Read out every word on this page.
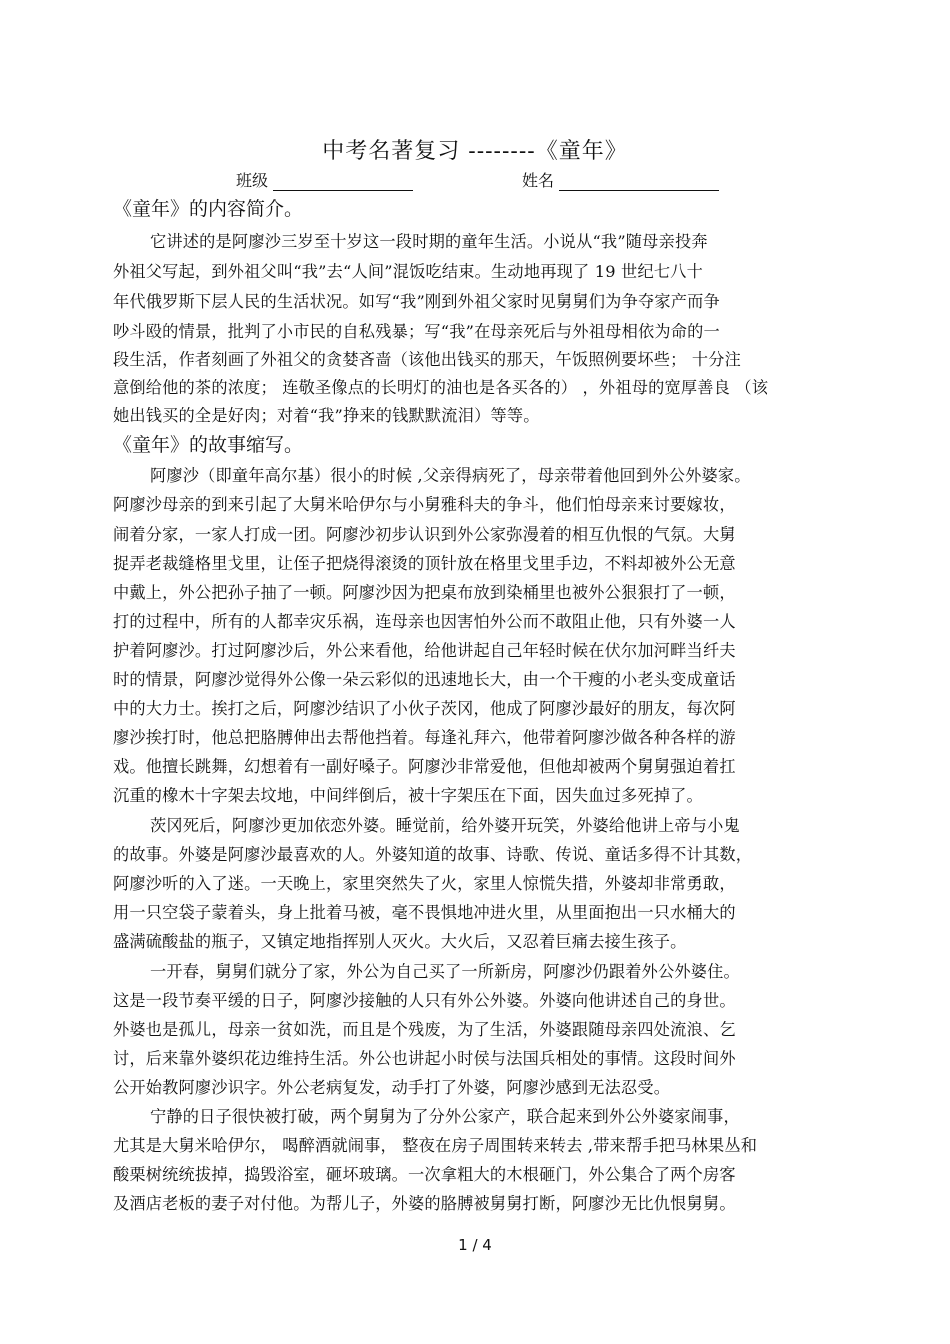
中考名著复习 --------《童年》
班级	姓名
《童年》的内容简介。
它讲述的是阿廖沙三岁至十岁这一段时期的童年生活。小说从“我”随母亲投奔
外祖父写起，到外祖父叫“我”去“人间”混饭吃结束。生动地再现了 19 世纪七八十
年代俄罗斯下层人民的生活状况。如写“我”刚到外祖父家时见舅舅们为争夺家产而争
吵斗殴的情景，批判了小市民的自私残暴；写“我”在母亲死后与外祖母相依为命的一
段生活，作者刻画了外祖父的贪婪吝啬（该他出钱买的那天，午饭照例要坏些； 十分注
意倒给他的茶的浓度； 连敬圣像点的长明灯的油也是各买各的） ，外祖母的宽厚善良 （该
她出钱买的全是好肉；对着“我”挣来的钱默默流泪）等等。
《童年》的故事缩写。
阿廖沙（即童年高尔基）很小的时候 ,父亲得病死了，母亲带着他回到外公外婆家。
阿廖沙母亲的到来引起了大舅米哈伊尔与小舅雅科夫的争斗，他们怕母亲来讨要嫁妆，
闹着分家，一家人打成一团。阿廖沙初步认识到外公家弥漫着的相互仇恨的气氛。大舅
捉弄老裁缝格里戈里，让侄子把烧得滚烫的顶针放在格里戈里手边，不料却被外公无意
中戴上，外公把孙子抽了一顿。阿廖沙因为把桌布放到染桶里也被外公狠狠打了一顿，
打的过程中，所有的人都幸灾乐祸，连母亲也因害怕外公而不敢阻止他，只有外婆一人
护着阿廖沙。打过阿廖沙后，外公来看他，给他讲起自己年轻时候在伏尔加河畔当纤夫
时的情景，阿廖沙觉得外公像一朵云彩似的迅速地长大，由一个干瘦的小老头变成童话
中的大力士。挨打之后，阿廖沙结识了小伙子茨冈，他成了阿廖沙最好的朋友，每次阿
廖沙挨打时，他总把胳膊伸出去帮他挡着。每逢礼拜六，他带着阿廖沙做各种各样的游
戏。他擅长跳舞，幻想着有一副好嗓子。阿廖沙非常爱他，但他却被两个舅舅强迫着扛
沉重的橡木十字架去坟地，中间绊倒后，被十字架压在下面，因失血过多死掉了。
茨冈死后，阿廖沙更加依恋外婆。睡觉前，给外婆开玩笑，外婆给他讲上帝与小鬼
的故事。外婆是阿廖沙最喜欢的人。外婆知道的故事、诗歌、传说、童话多得不计其数，
阿廖沙听的入了迷。一天晚上，家里突然失了火，家里人惊慌失措，外婆却非常勇敢，
用一只空袋子蒙着头，身上批着马被，毫不畏惧地冲进火里，从里面抱出一只水桶大的
盛满硫酸盐的瓶子，又镇定地指挥别人灭火。大火后，又忍着巨痛去接生孩子。
一开春，舅舅们就分了家，外公为自己买了一所新房，阿廖沙仍跟着外公外婆住。
这是一段节奏平缓的日子，阿廖沙接触的人只有外公外婆。外婆向他讲述自己的身世。
外婆也是孤儿，母亲一贫如洗，而且是个残废，为了生活，外婆跟随母亲四处流浪、乞
讨，后来靠外婆织花边维持生活。外公也讲起小时侯与法国兵相处的事情。这段时间外
公开始教阿廖沙识字。外公老病复发，动手打了外婆，阿廖沙感到无法忍受。
宁静的日子很快被打破，两个舅舅为了分外公家产，联合起来到外公外婆家闹事，
尤其是大舅米哈伊尔， 喝醉酒就闹事， 整夜在房子周围转来转去 ,带来帮手把马林果丛和
酸栗树统统拔掉，捣毁浴室，砸坏玻璃。一次拿粗大的木根砸门，外公集合了两个房客
及酒店老板的妻子对付他。为帮儿子，外婆的胳膊被舅舅打断，阿廖沙无比仇恨舅舅。
1 / 4
